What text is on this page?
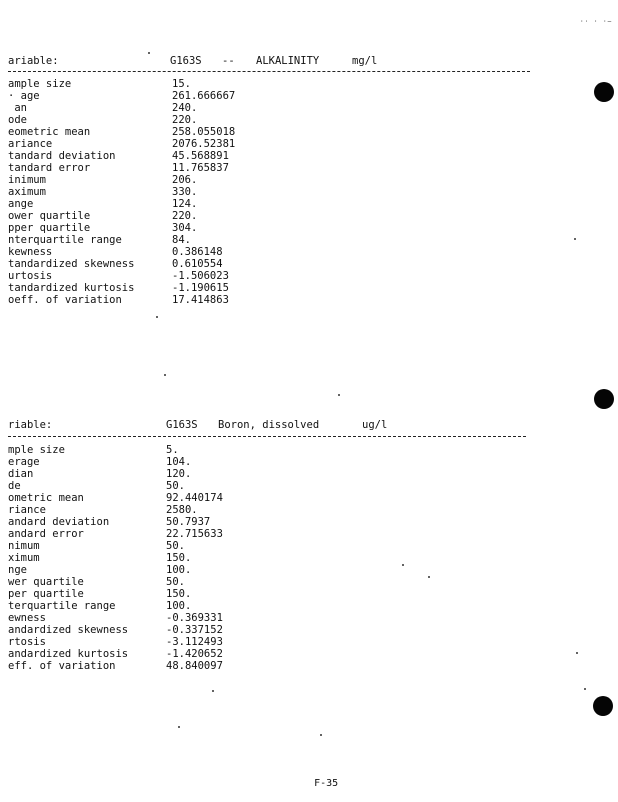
·· · ·—
ariable:	G163S -- ALKALINITY	mg/l
ample size	15.
· age	261.666667
an	240.
ode	220.
eometric mean	258.055018
ariance	2076.52381
tandard deviation	45.568891
tandard error	11.765837
inimum	206.
aximum	330.
ange	124.
ower quartile	220.
pper quartile	304.
nterquartile range	84.
kewness	0.386148
tandardized skewness	0.610554
urtosis	-1.506023
tandardized kurtosis	-1.190615
oeff. of variation	17.414863
riable:	G163S Boron, dissolved	ug/l
mple size	5.
erage	104.
dian	120.
de	50.
ometric mean	92.440174
riance	2580.
andard deviation	50.7937
andard error	22.715633
nimum	50.
ximum	150.
nge	100.
wer quartile	50.
per quartile	150.
terquartile range	100.
ewness	-0.369331
andardized skewness	-0.337152
rtosis	-3.112493
andardized kurtosis	-1.420652
eff. of variation	48.840097

F-35
